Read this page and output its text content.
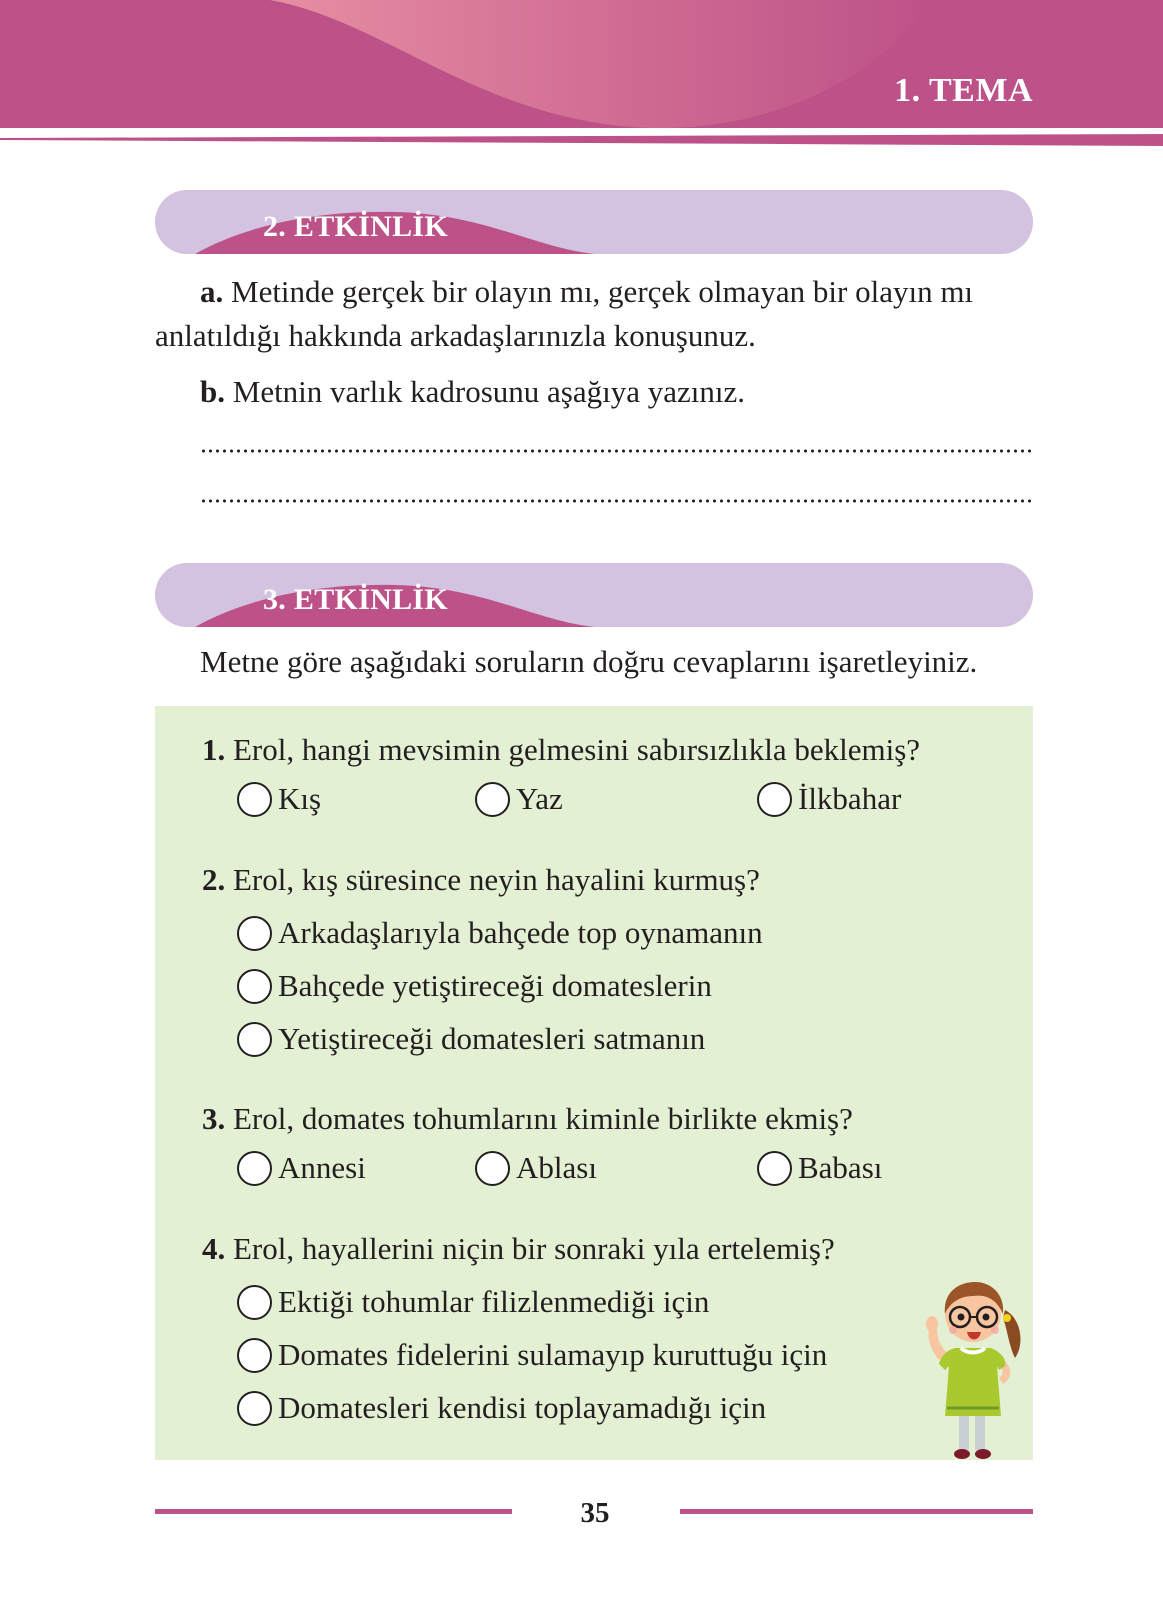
1. TEMA
2. ETKİNLİK
a. Metinde gerçek bir olayın mı, gerçek olmayan bir olayın mı
anlatıldığı hakkında arkadaşlarınızla konuşunuz.
b. Metnin varlık kadrosunu aşağıya yazınız.
3. ETKİNLİK
Metne göre aşağıdaki soruların doğru cevaplarını işaretleyiniz.
1. Erol, hangi mevsimin gelmesini sabırsızlıkla beklemiş?
Kış	Yaz	İlkbahar
2. Erol, kış süresince neyin hayalini kurmuş?
Arkadaşlarıyla bahçede top oynamanın
Bahçede yetiştireceği domateslerin
Yetiştireceği domatesleri satmanın
3. Erol, domates tohumlarını kiminle birlikte ekmiş?
Annesi	Ablası	Babası
4. Erol, hayallerini niçin bir sonraki yıla ertelemiş?
Ektiği tohumlar filizlenmediği için
Domates fidelerini sulamayıp kuruttuğu için
Domatesleri kendisi toplayamadığı için
35
